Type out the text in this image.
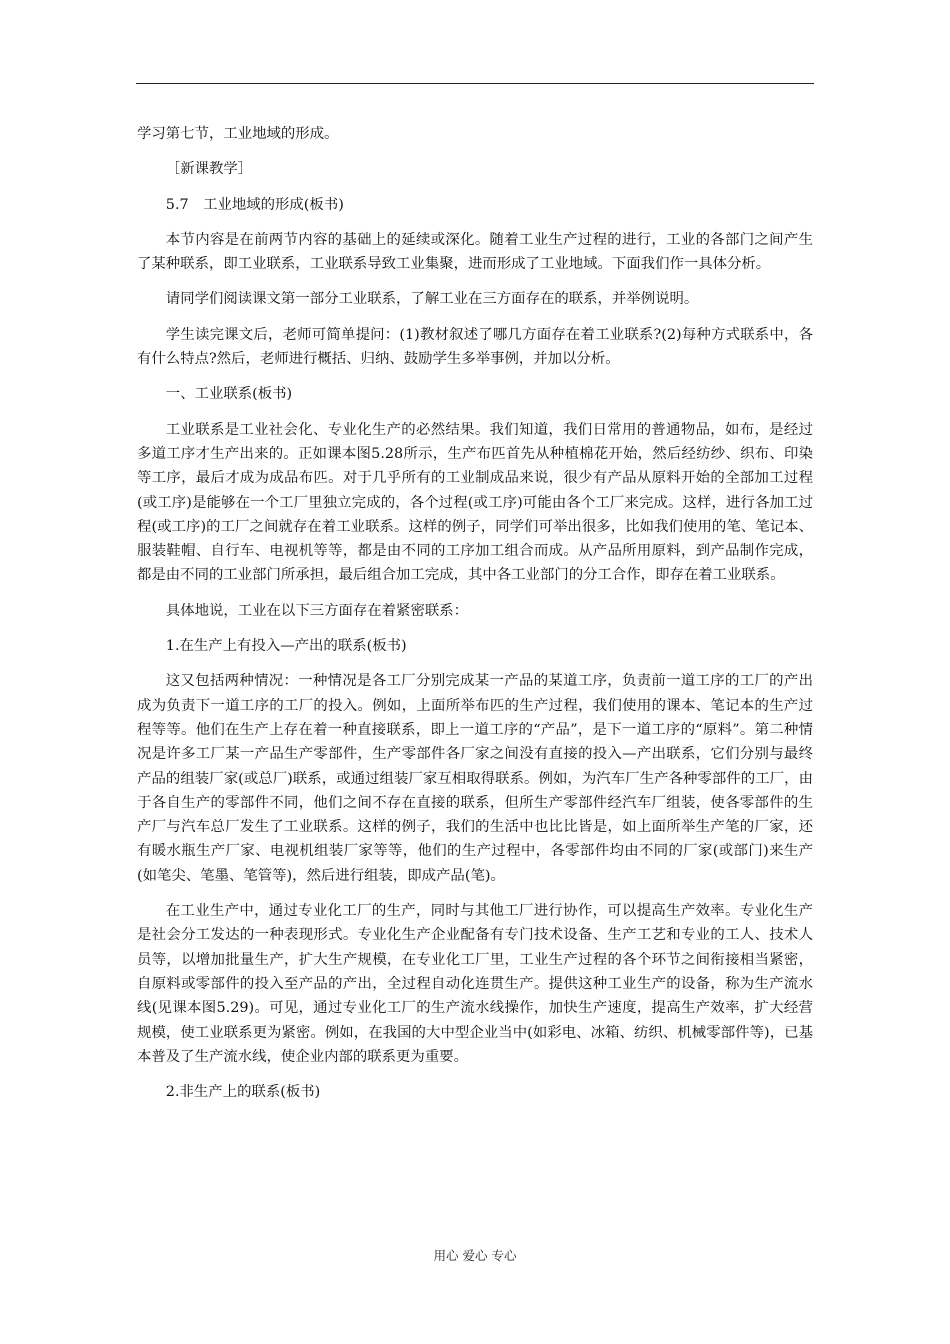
学习第七节，工业地域的形成。

［新课教学］

5.7　工业地域的形成(板书)

本节内容是在前两节内容的基础上的延续或深化。随着工业生产过程的进行，工业的各部门之间产生了某种联系，即工业联系，工业联系导致工业集聚，进而形成了工业地域。下面我们作一具体分析。

请同学们阅读课文第一部分工业联系，了解工业在三方面存在的联系，并举例说明。

学生读完课文后，老师可简单提问：(1)教材叙述了哪几方面存在着工业联系?(2)每种方式联系中，各有什么特点?然后，老师进行概括、归纳、鼓励学生多举事例，并加以分析。

一、工业联系(板书)

工业联系是工业社会化、专业化生产的必然结果。我们知道，我们日常用的普通物品，如布，是经过多道工序才生产出来的。正如课本图5.28所示，生产布匹首先从种植棉花开始，然后经纺纱、织布、印染等工序，最后才成为成品布匹。对于几乎所有的工业制成品来说，很少有产品从原料开始的全部加工过程(或工序)是能够在一个工厂里独立完成的，各个过程(或工序)可能由各个工厂来完成。这样，进行各加工过程(或工序)的工厂之间就存在着工业联系。这样的例子，同学们可举出很多，比如我们使用的笔、笔记本、服装鞋帽、自行车、电视机等等，都是由不同的工序加工组合而成。从产品所用原料，到产品制作完成，都是由不同的工业部门所承担，最后组合加工完成，其中各工业部门的分工合作，即存在着工业联系。

具体地说，工业在以下三方面存在着紧密联系：

1.在生产上有投入—产出的联系(板书)

这又包括两种情况：一种情况是各工厂分别完成某一产品的某道工序，负责前一道工序的工厂的产出成为负责下一道工序的工厂的投入。例如，上面所举布匹的生产过程，我们使用的课本、笔记本的生产过程等等。他们在生产上存在着一种直接联系，即上一道工序的“产品”，是下一道工序的“原料”。第二种情况是许多工厂某一产品生产零部件，生产零部件各厂家之间没有直接的投入—产出联系，它们分别与最终产品的组装厂家(或总厂)联系，或通过组装厂家互相取得联系。例如，为汽车厂生产各种零部件的工厂，由于各自生产的零部件不同，他们之间不存在直接的联系，但所生产零部件经汽车厂组装，使各零部件的生产厂与汽车总厂发生了工业联系。这样的例子，我们的生活中也比比皆是，如上面所举生产笔的厂家，还有暖水瓶生产厂家、电视机组装厂家等等，他们的生产过程中，各零部件均由不同的厂家(或部门)来生产(如笔尖、笔墨、笔管等)，然后进行组装，即成产品(笔)。

在工业生产中，通过专业化工厂的生产，同时与其他工厂进行协作，可以提高生产效率。专业化生产是社会分工发达的一种表现形式。专业化生产企业配备有专门技术设备、生产工艺和专业的工人、技术人员等，以增加批量生产，扩大生产规模，在专业化工厂里，工业生产过程的各个环节之间衔接相当紧密，自原料或零部件的投入至产品的产出，全过程自动化连贯生产。提供这种工业生产的设备，称为生产流水线(见课本图5.29)。可见，通过专业化工厂的生产流水线操作，加快生产速度，提高生产效率，扩大经营规模，使工业联系更为紧密。例如，在我国的大中型企业当中(如彩电、冰箱、纺织、机械零部件等)，已基本普及了生产流水线，使企业内部的联系更为重要。

2.非生产上的联系(板书)

用心 爱心 专心
